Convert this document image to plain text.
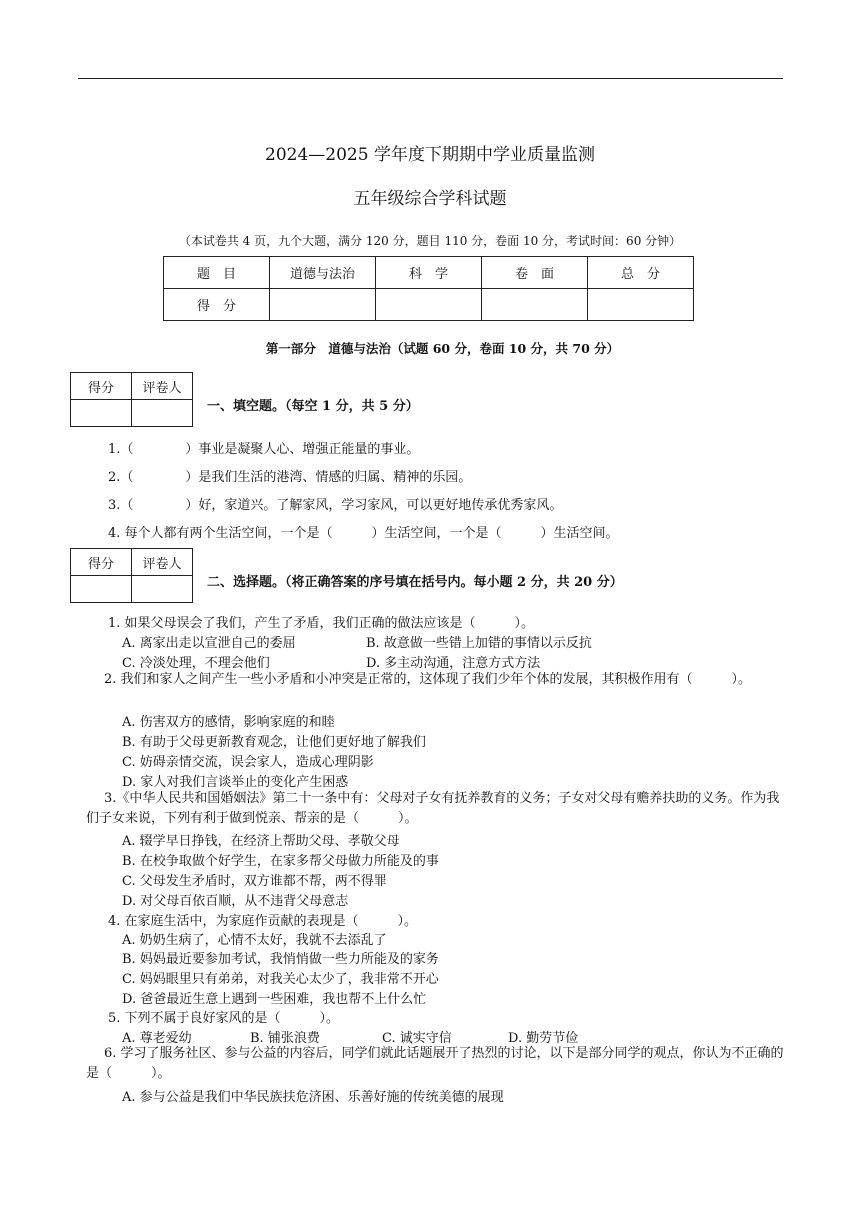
2024—2025 学年度下期期中学业质量监测
五年级综合学科试题
（本试卷共 4 页，九个大题，满分 120 分，题目 110 分，卷面 10 分，考试时间：60 分钟）
题　目	道德与法治	科　学	卷　面	总　分
得　分				
第一部分　道德与法治（试题 60 分，卷面 10 分，共 70 分）
得分	评卷人

一、填空题。（每空 1 分，共 5 分）
1.（　　　　）事业是凝聚人心、增强正能量的事业。
2.（　　　　）是我们生活的港湾、情感的归属、精神的乐园。
3.（　　　　）好，家道兴。了解家风，学习家风，可以更好地传承优秀家风。
4. 每个人都有两个生活空间，一个是（　　　）生活空间，一个是（　　　）生活空间。
得分	评卷人

二、选择题。（将正确答案的序号填在括号内。每小题 2 分，共 20 分）
1. 如果父母误会了我们，产生了矛盾，我们正确的做法应该是（　　　）。
A. 离家出走以宣泄自己的委屈	B. 故意做一些错上加错的事情以示反抗
C. 冷淡处理，不理会他们	D. 多主动沟通，注意方式方法
2. 我们和家人之间产生一些小矛盾和小冲突是正常的，这体现了我们少年个体的发展，其积极作用有（　　　）。
A. 伤害双方的感情，影响家庭的和睦
B. 有助于父母更新教育观念，让他们更好地了解我们
C. 妨碍亲情交流，误会家人，造成心理阴影
D. 家人对我们言谈举止的变化产生困惑
3.《中华人民共和国婚姻法》第二十一条中有：父母对子女有抚养教育的义务；子女对父母有赡养扶助的义务。作为我们子女来说，下列有利于做到悦亲、帮亲的是（　　　）。
A. 辍学早日挣钱，在经济上帮助父母、孝敬父母
B. 在校争取做个好学生，在家多帮父母做力所能及的事
C. 父母发生矛盾时，双方谁都不帮，两不得罪
D. 对父母百依百顺，从不违背父母意志
4. 在家庭生活中，为家庭作贡献的表现是（　　　）。
A. 奶奶生病了，心情不太好，我就不去添乱了
B. 妈妈最近要参加考试，我悄悄做一些力所能及的家务
C. 妈妈眼里只有弟弟，对我关心太少了，我非常不开心
D. 爸爸最近生意上遇到一些困难，我也帮不上什么忙
5. 下列不属于良好家风的是（　　　）。
A. 尊老爱幼	B. 铺张浪费	C. 诚实守信	D. 勤劳节俭
6. 学习了服务社区、参与公益的内容后，同学们就此话题展开了热烈的讨论，以下是部分同学的观点，你认为不正确的是（　　　）。
A. 参与公益是我们中华民族扶危济困、乐善好施的传统美德的展现
